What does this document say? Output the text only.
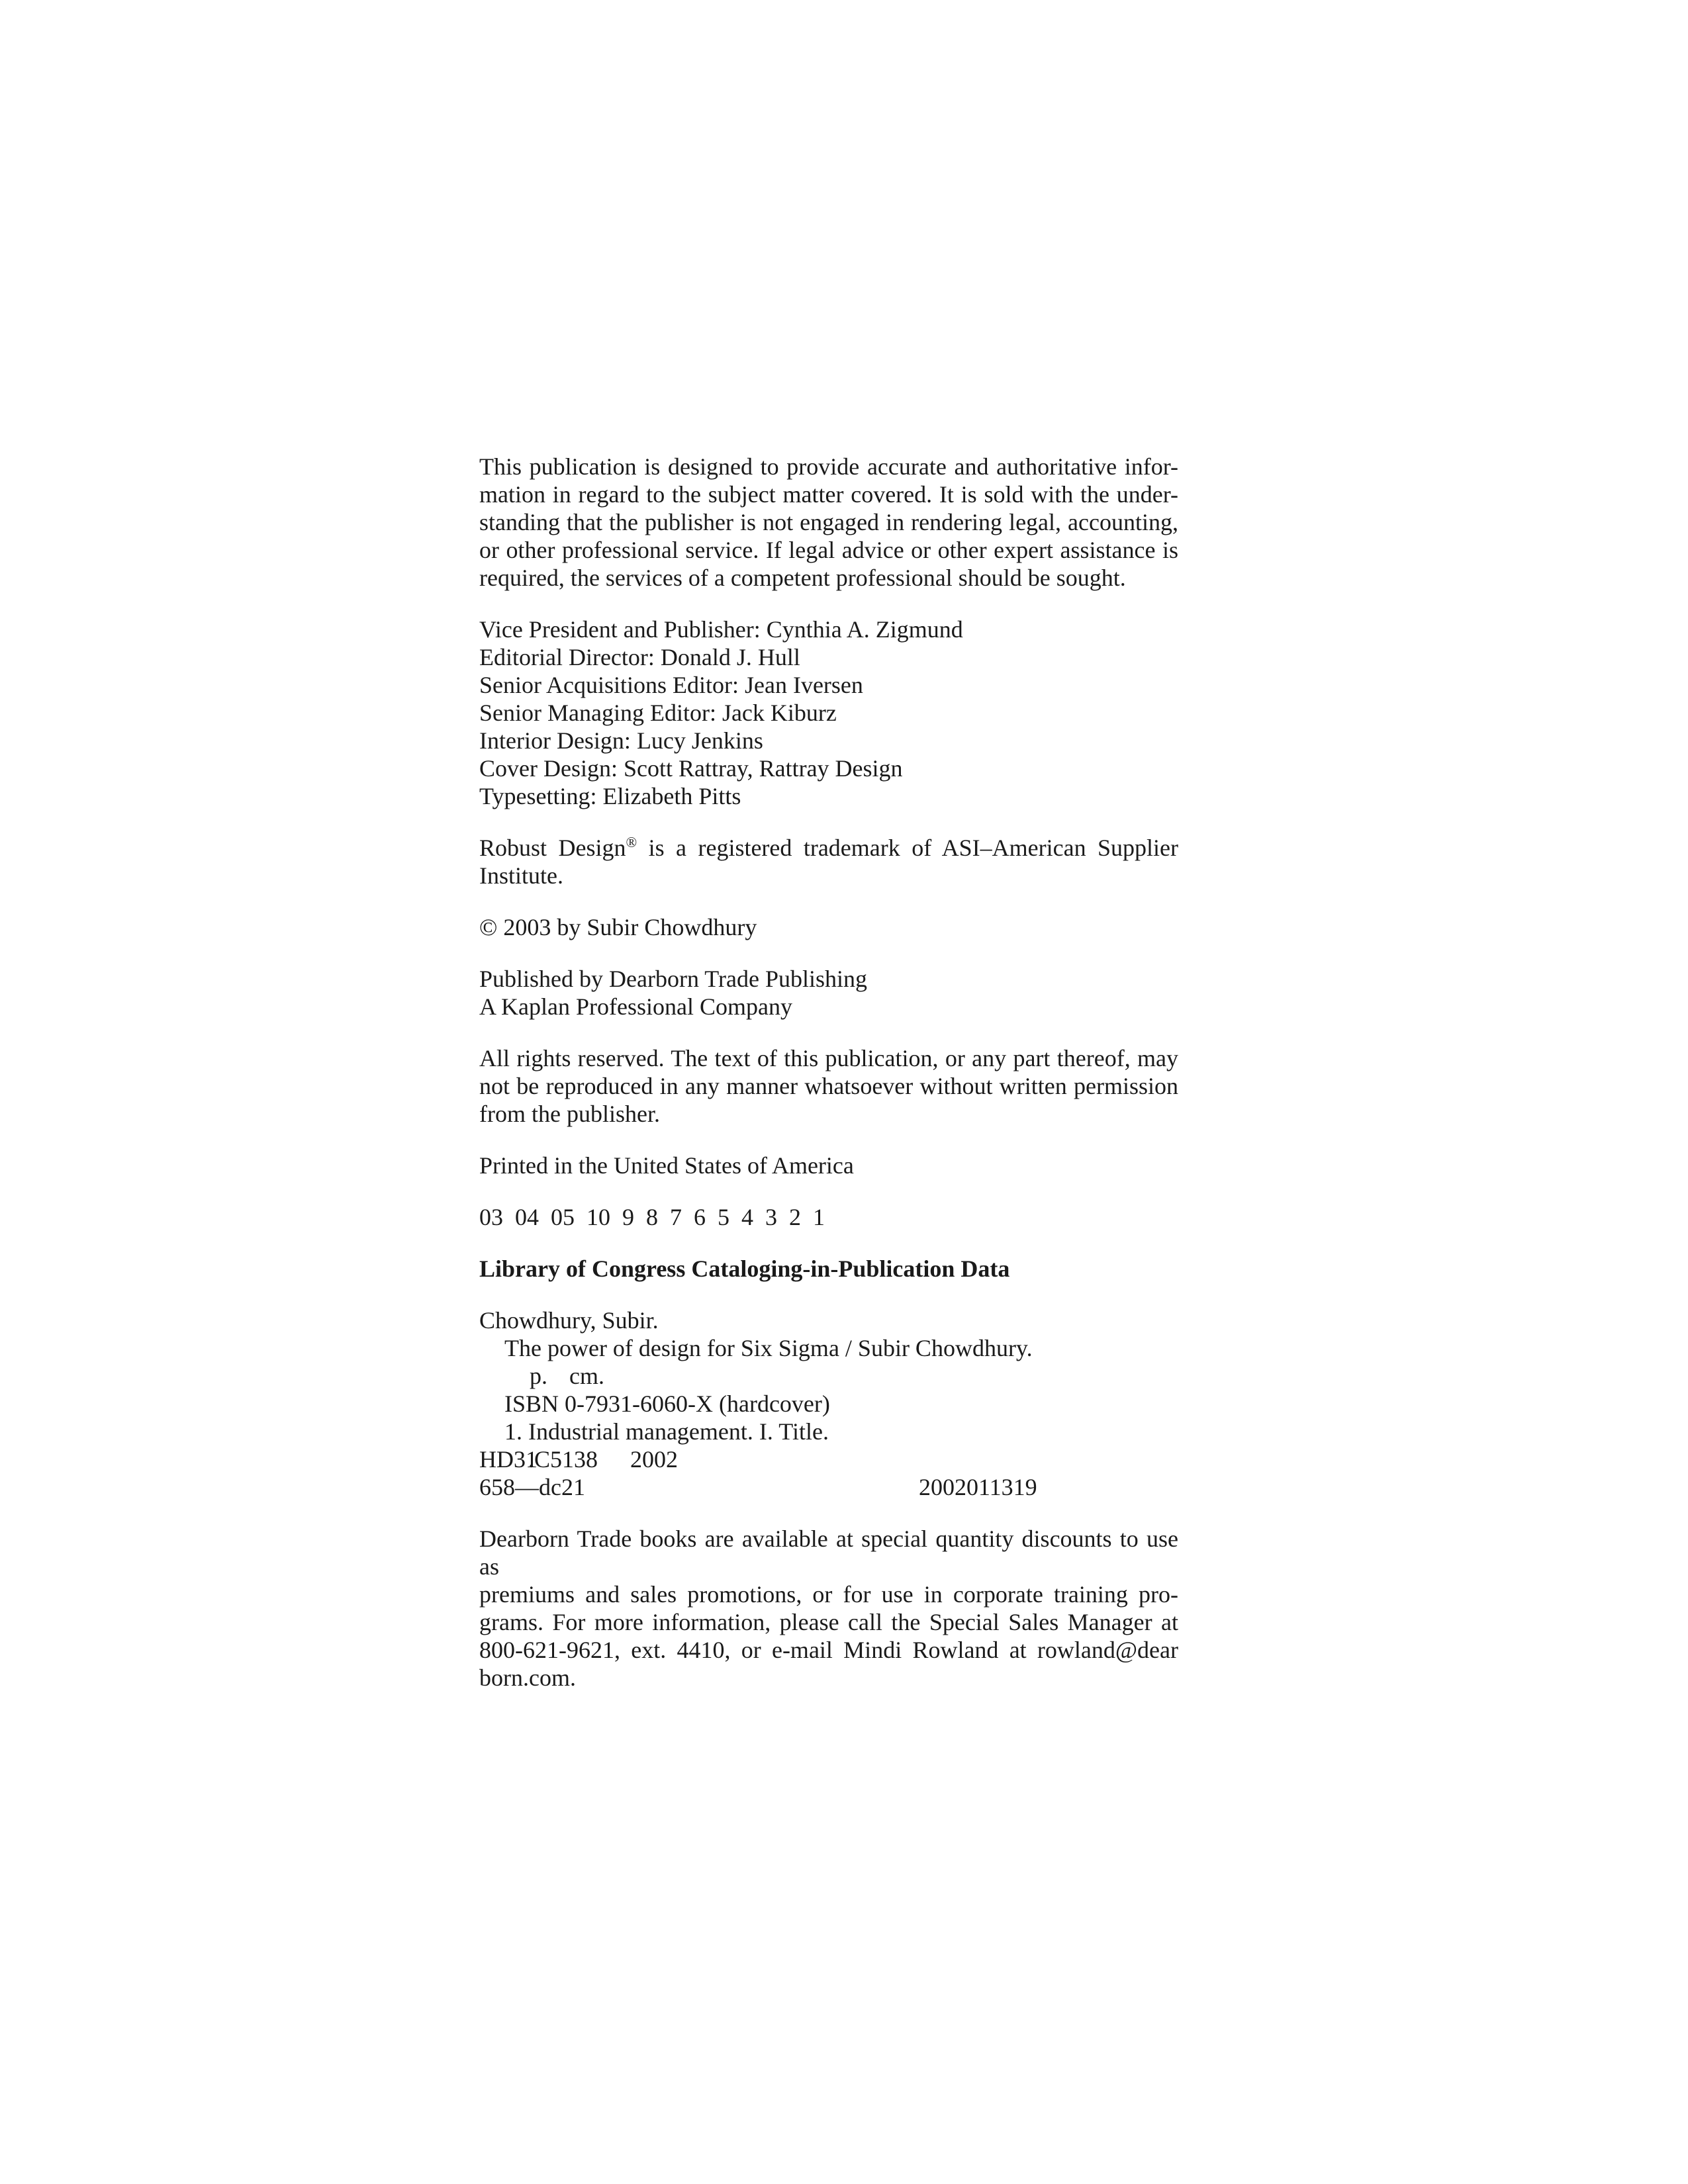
This publication is designed to provide accurate and authoritative infor-
mation in regard to the subject matter covered. It is sold with the under-
standing that the publisher is not engaged in rendering legal, accounting,
or other professional service. If legal advice or other expert assistance is
required, the services of a competent professional should be sought.
Vice President and Publisher: Cynthia A. Zigmund
Editorial Director: Donald J. Hull
Senior Acquisitions Editor: Jean Iversen
Senior Managing Editor: Jack Kiburz
Interior Design: Lucy Jenkins
Cover Design: Scott Rattray, Rattray Design
Typesetting: Elizabeth Pitts
Robust Design® is a registered trademark of ASI–American Supplier
Institute.
© 2003 by Subir Chowdhury
Published by Dearborn Trade Publishing
A Kaplan Professional Company
All rights reserved. The text of this publication, or any part thereof, may
not be reproduced in any manner whatsoever without written permission
from the publisher.
Printed in the United States of America
03 04 05 10 9 8 7 6 5 4 3 2 1
Library of Congress Cataloging-in-Publication Data
Chowdhury, Subir.
The power of design for Six Sigma / Subir Chowdhury.
p. cm.
ISBN 0-7931-6060-X (hardcover)
1. Industrial management. I. Title.
HD31.C5138 2002
658—dc21	2002011319
Dearborn Trade books are available at special quantity discounts to use as
premiums and sales promotions, or for use in corporate training pro-
grams. For more information, please call the Special Sales Manager at
800-621-9621, ext. 4410, or e-mail Mindi Rowland at rowland@dear
born.com.
